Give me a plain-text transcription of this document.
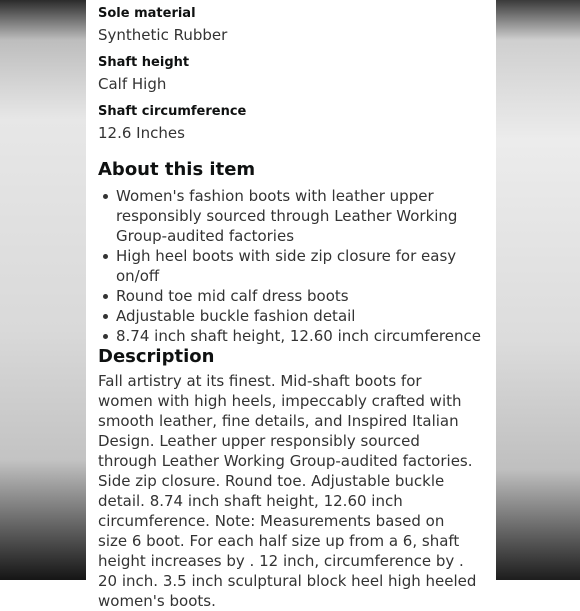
Sole material
Synthetic Rubber
Shaft height
Calf High
Shaft circumference
12.6 Inches
About this item
Women's fashion boots with leather upper responsibly sourced through Leather Working Group-audited factories
High heel boots with side zip closure for easy on/off
Round toe mid calf dress boots
Adjustable buckle fashion detail
8.74 inch shaft height, 12.60 inch circumference
Description
Fall artistry at its finest. Mid-shaft boots for women with high heels, impeccably crafted with smooth leather, fine details, and Inspired Italian Design. Leather upper responsibly sourced through Leather Working Group-audited factories. Side zip closure. Round toe. Adjustable buckle detail. 8.74 inch shaft height, 12.60 inch circumference. Note: Measurements based on size 6 boot. For each half size up from a 6, shaft height increases by . 12 inch, circumference by . 20 inch. 3.5 inch sculptural block heel high heeled women's boots.
